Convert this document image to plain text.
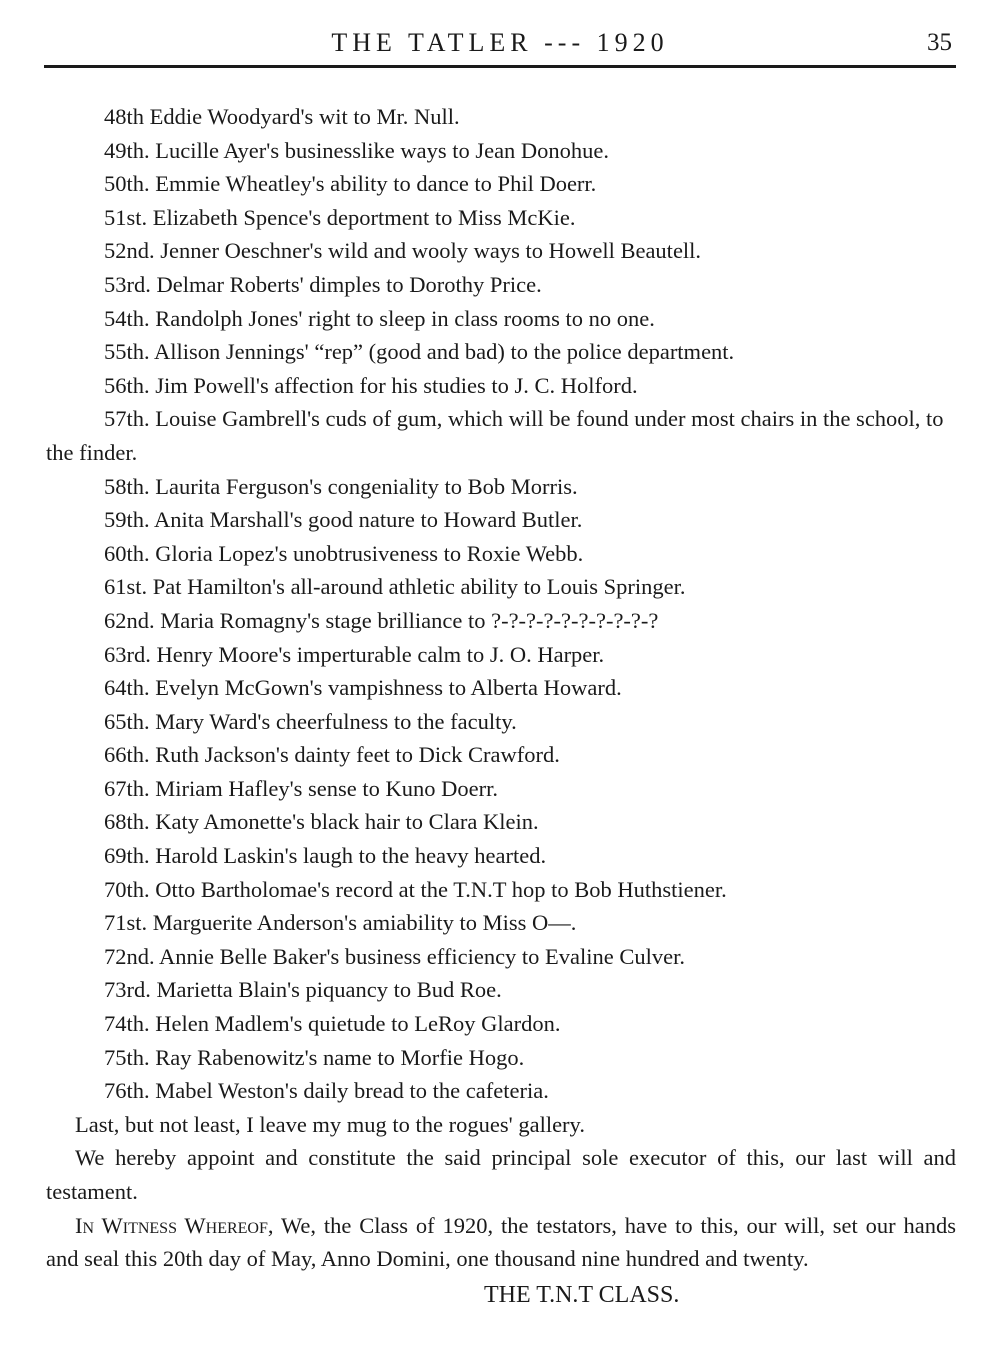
THE TATLER --- 1920	35

48th Eddie Woodyard's wit to Mr. Null.

49th. Lucille Ayer's businesslike ways to Jean Donohue.

50th. Emmie Wheatley's ability to dance to Phil Doerr.

51st. Elizabeth Spence's deportment to Miss McKie.

52nd. Jenner Oeschner's wild and wooly ways to Howell Beautell.

53rd. Delmar Roberts' dimples to Dorothy Price.

54th. Randolph Jones' right to sleep in class rooms to no one.

55th. Allison Jennings' “rep” (good and bad) to the police department.

56th. Jim Powell's affection for his studies to J. C. Holford.

57th. Louise Gambrell's cuds of gum, which will be found under most chairs in the school, to the finder.

58th. Laurita Ferguson's congeniality to Bob Morris.

59th. Anita Marshall's good nature to Howard Butler.

60th. Gloria Lopez's unobtrusiveness to Roxie Webb.

61st. Pat Hamilton's all-around athletic ability to Louis Springer.

62nd. Maria Romagny's stage brilliance to ?-?-?-?-?-?-?-?-?-?

63rd. Henry Moore's imperturable calm to J. O. Harper.

64th. Evelyn McGown's vampishness to Alberta Howard.

65th. Mary Ward's cheerfulness to the faculty.

66th. Ruth Jackson's dainty feet to Dick Crawford.

67th. Miriam Hafley's sense to Kuno Doerr.

68th. Katy Amonette's black hair to Clara Klein.

69th. Harold Laskin's laugh to the heavy hearted.

70th. Otto Bartholomae's record at the T.N.T hop to Bob Huthstiener.

71st. Marguerite Anderson's amiability to Miss O—.

72nd. Annie Belle Baker's business efficiency to Evaline Culver.

73rd. Marietta Blain's piquancy to Bud Roe.

74th. Helen Madlem's quietude to LeRoy Glardon.

75th. Ray Rabenowitz's name to Morfie Hogo.

76th. Mabel Weston's daily bread to the cafeteria.

Last, but not least, I leave my mug to the rogues' gallery.

We hereby appoint and constitute the said principal sole executor of this, our last will and testament.

In Witness Whereof, We, the Class of 1920, the testators, have to this, our will, set our hands and seal this 20th day of May, Anno Domini, one thousand nine hundred and twenty.

THE T.N.T CLASS.
